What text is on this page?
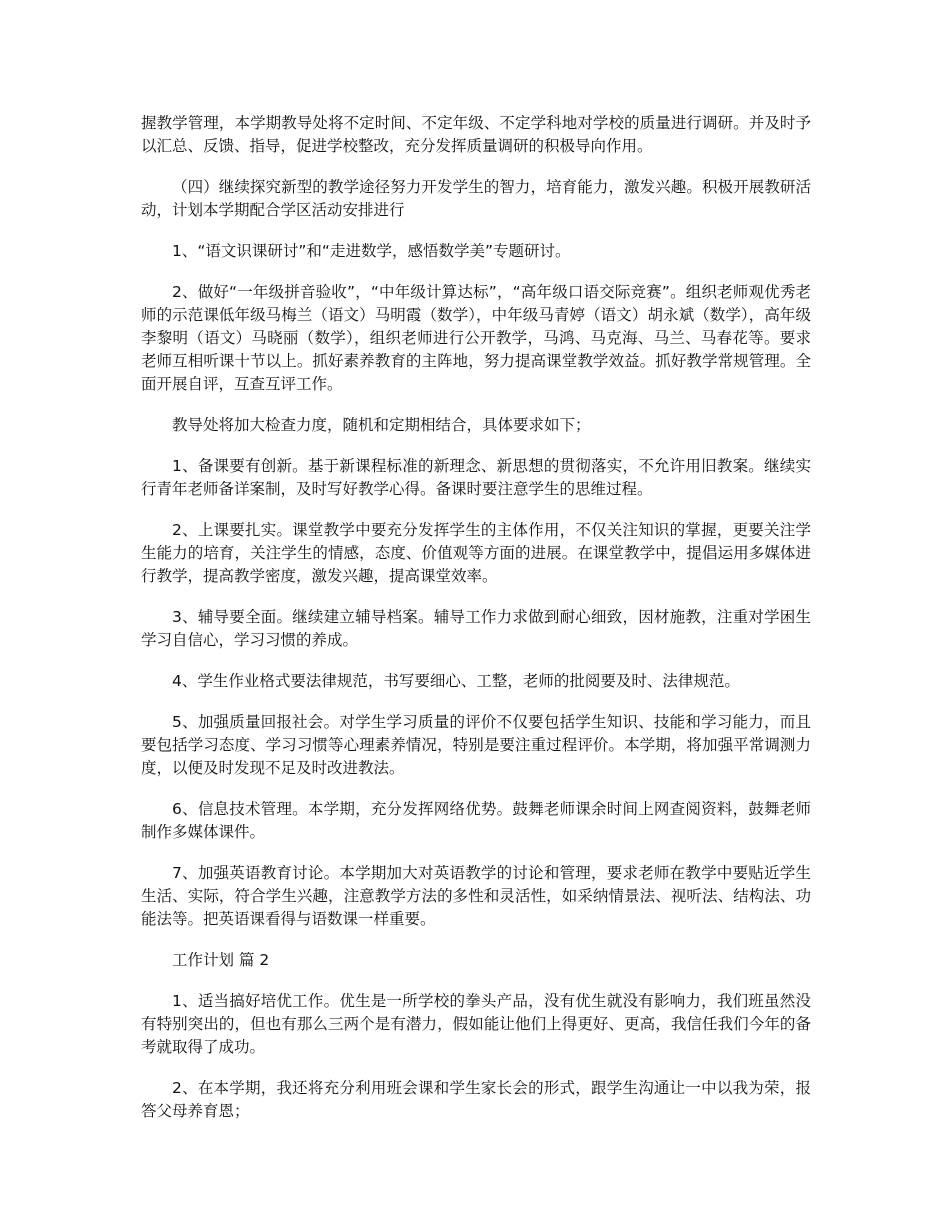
握教学管理，本学期教导处将不定时间、不定年级、不定学科地对学校的质量进行调研。并及时予以汇总、反馈、指导，促进学校整改，充分发挥质量调研的积极导向作用。

（四）继续探究新型的教学途径努力开发学生的智力，培育能力，激发兴趣。积极开展教研活动，计划本学期配合学区活动安排进行

1、“语文识课研讨”和“走进数学，感悟数学美”专题研讨。

2、做好“一年级拼音验收”，“中年级计算达标”，“高年级口语交际竞赛”。组织老师观优秀老师的示范课低年级马梅兰（语文）马明霞（数学），中年级马青婷（语文）胡永斌（数学），高年级李黎明（语文）马晓丽（数学），组织老师进行公开教学，马鸿、马克海、马兰、马春花等。要求老师互相听课十节以上。抓好素养教育的主阵地，努力提高课堂教学效益。抓好教学常规管理。全面开展自评，互查互评工作。

教导处将加大检查力度，随机和定期相结合，具体要求如下；

1、备课要有创新。基于新课程标准的新理念、新思想的贯彻落实，不允许用旧教案。继续实行青年老师备详案制，及时写好教学心得。备课时要注意学生的思维过程。

2、上课要扎实。课堂教学中要充分发挥学生的主体作用，不仅关注知识的掌握，更要关注学生能力的培育，关注学生的情感，态度、价值观等方面的进展。在课堂教学中，提倡运用多媒体进行教学，提高教学密度，激发兴趣，提高课堂效率。

3、辅导要全面。继续建立辅导档案。辅导工作力求做到耐心细致，因材施教，注重对学困生学习自信心，学习习惯的养成。

4、学生作业格式要法律规范，书写要细心、工整，老师的批阅要及时、法律规范。

5、加强质量回报社会。对学生学习质量的评价不仅要包括学生知识、技能和学习能力，而且要包括学习态度、学习习惯等心理素养情况，特别是要注重过程评价。本学期，将加强平常调测力度，以便及时发现不足及时改进教法。

6、信息技术管理。本学期，充分发挥网络优势。鼓舞老师课余时间上网查阅资料，鼓舞老师制作多媒体课件。

7、加强英语教育讨论。本学期加大对英语教学的讨论和管理，要求老师在教学中要贴近学生生活、实际，符合学生兴趣，注意教学方法的多性和灵活性，如采纳情景法、视听法、结构法、功能法等。把英语课看得与语数课一样重要。

工作计划 篇 2

1、适当搞好培优工作。优生是一所学校的拳头产品，没有优生就没有影响力，我们班虽然没有特别突出的，但也有那么三两个是有潜力，假如能让他们上得更好、更高，我信任我们今年的备考就取得了成功。

2、在本学期，我还将充分利用班会课和学生家长会的形式，跟学生沟通让一中以我为荣，报答父母养育恩；
